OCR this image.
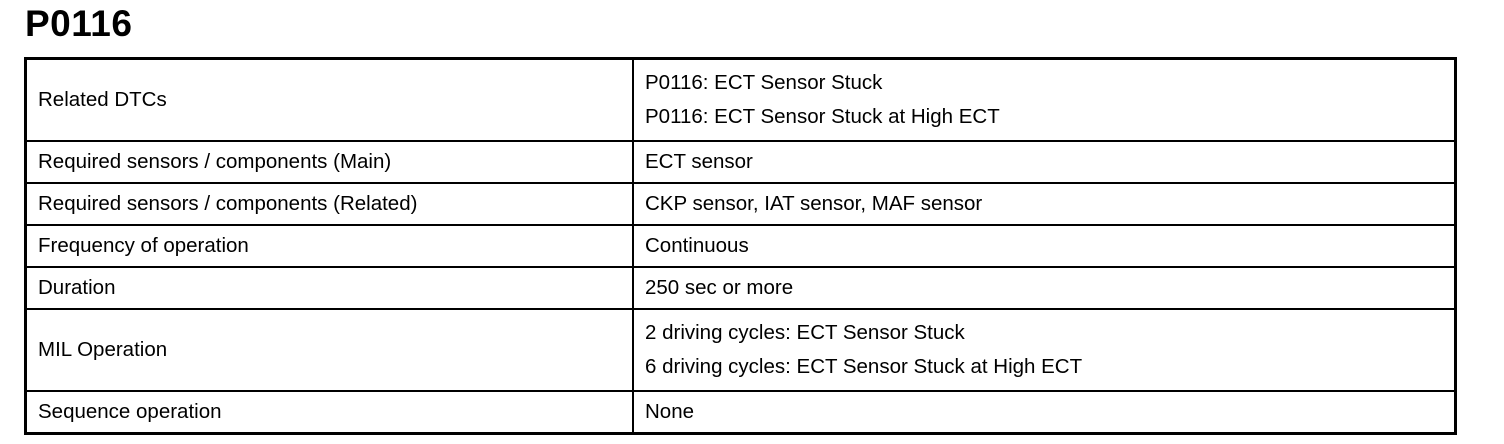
P0116
Related DTCs	P0116: ECT Sensor Stuck
P0116: ECT Sensor Stuck at High ECT

Required sensors / components (Main)	ECT sensor

Required sensors / components (Related)	CKP sensor, IAT sensor, MAF sensor

Frequency of operation	Continuous

Duration	250 sec or more

MIL Operation	2 driving cycles: ECT Sensor Stuck
6 driving cycles: ECT Sensor Stuck at High ECT

Sequence operation	None
